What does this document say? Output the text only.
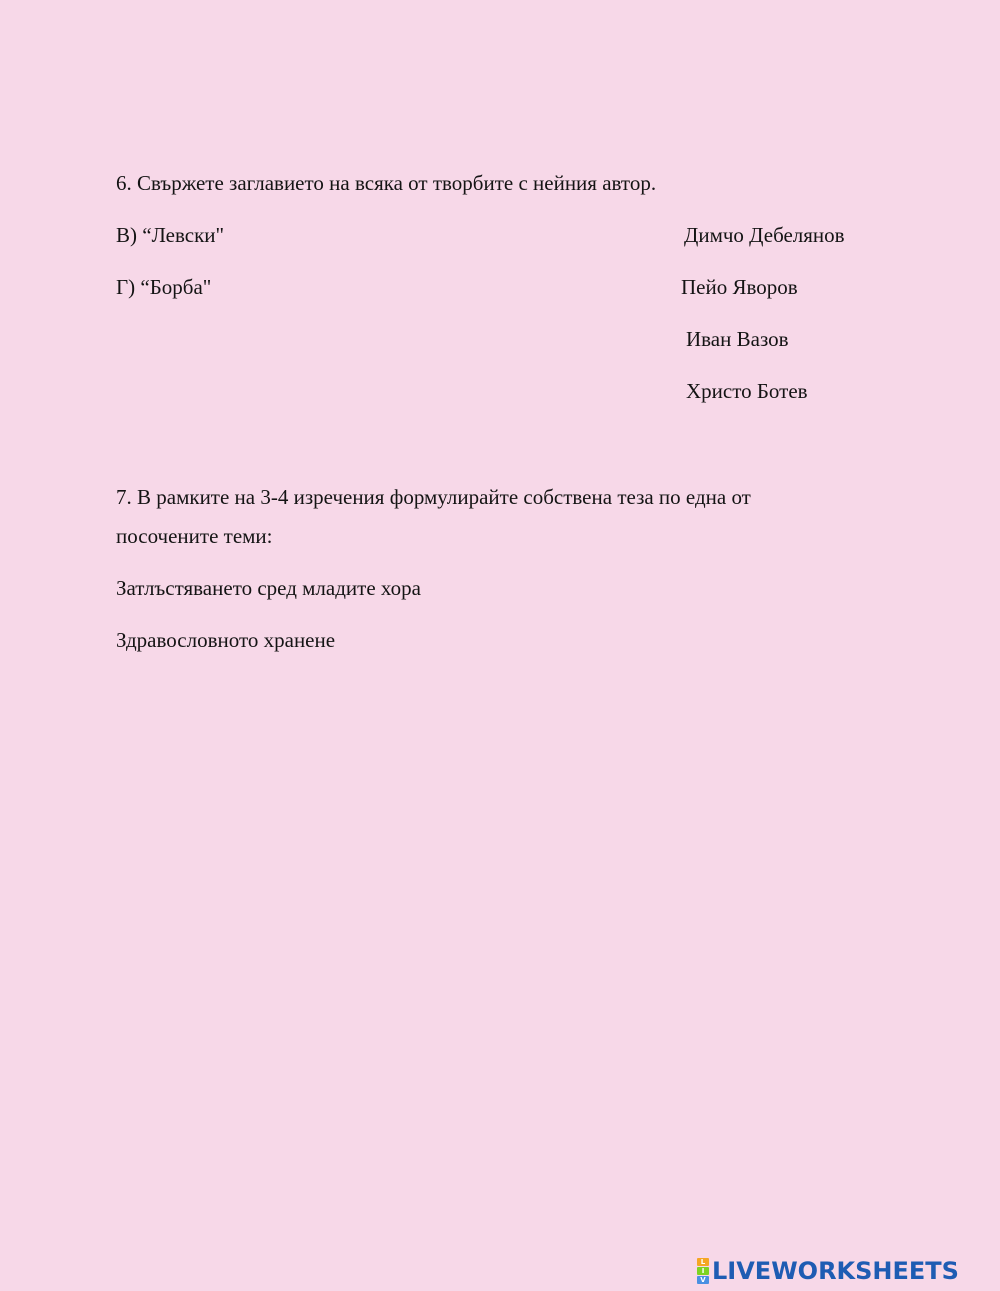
6. Свържете заглавието на всяка от творбите с нейния автор.
В) “Левски"
Г) “Борба"
Димчо Дебелянов
Пейо Яворов
Иван Вазов
Христо Ботев
7. В рамките на 3-4 изречения формулирайте собствена теза по една от
посочените теми:
Затлъстяването сред младите хора
Здравословното хранене
L
I
V LIVEWORKSHEETS
